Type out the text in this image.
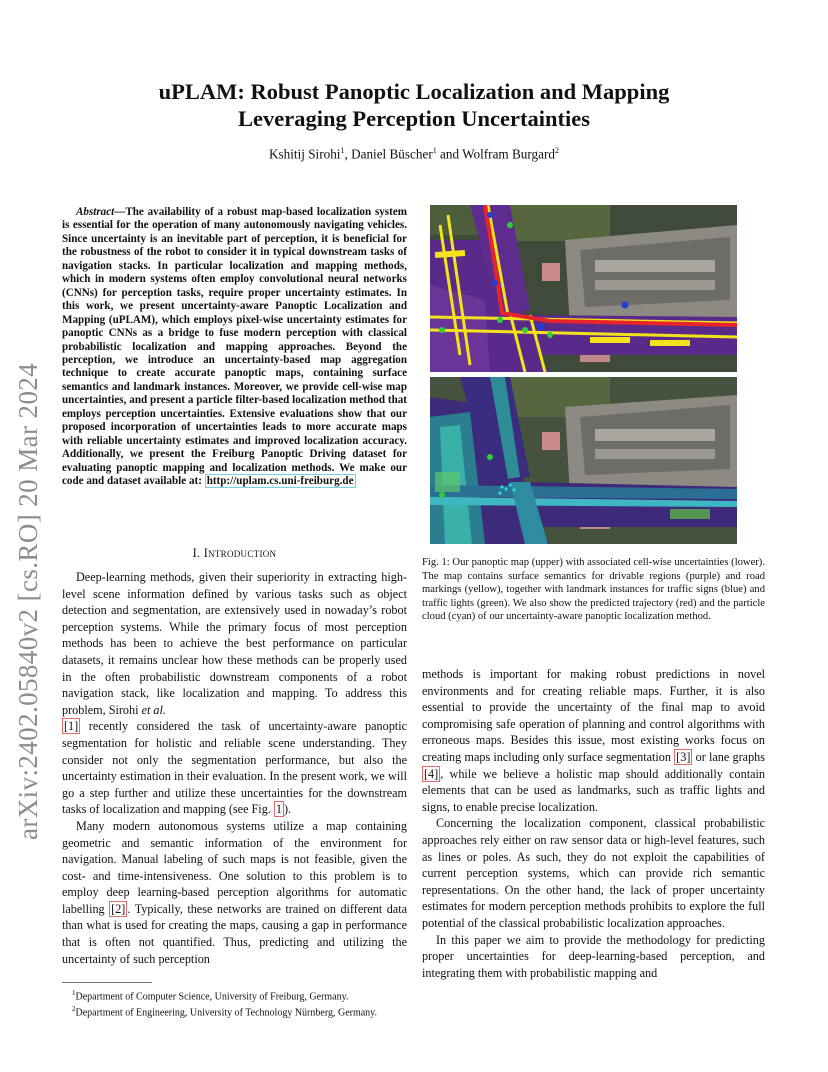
arXiv:2402.05840v2 [cs.RO] 20 Mar 2024
uPLAM: Robust Panoptic Localization and Mapping
Leveraging Perception Uncertainties
Kshitij Sirohi$^1$, Daniel Büscher$^1$ and Wolfram Burgard$^2$

Abstract—The availability of a robust map-based localization system is essential for the operation of many autonomously navigating vehicles. Since uncertainty is an inevitable part of perception, it is beneficial for the robustness of the robot to consider it in typical downstream tasks of navigation stacks. In particular localization and mapping methods, which in modern systems often employ convolutional neural networks (CNNs) for perception tasks, require proper uncertainty estimates. In this work, we present uncertainty-aware Panoptic Localization and Mapping (uPLAM), which employs pixel-wise uncertainty estimates for panoptic CNNs as a bridge to fuse modern perception with classical probabilistic localization and mapping approaches. Beyond the perception, we introduce an uncertainty-based map aggregation technique to create accurate panoptic maps, containing surface semantics and landmark instances. Moreover, we provide cell-wise map uncertainties, and present a particle filter-based localization method that employs perception uncertainties. Extensive evaluations show that our proposed incorporation of uncertainties leads to more accurate maps with reliable uncertainty estimates and improved localization accuracy. Additionally, we present the Freiburg Panoptic Driving dataset for evaluating panoptic mapping and localization methods. We make our code and dataset available at: http://uplam.cs.uni-freiburg.de

I. Introduction

Deep-learning methods, given their superiority in extracting high-level scene information defined by various tasks such as object detection and segmentation, are extensively used in nowaday’s robot perception systems. While the primary focus of most perception methods has been to achieve the best performance on particular datasets, it remains unclear how these methods can be properly used in the often probabilistic downstream components of a robot navigation stack, like localization and mapping. To address this problem, Sirohi et al.
[1] recently considered the task of uncertainty-aware panoptic segmentation for holistic and reliable scene understanding. They consider not only the segmentation performance, but also the uncertainty estimation in their evaluation. In the present work, we will go a step further and utilize these uncertainties for the downstream tasks of localization and mapping (see Fig. 1 ).

Many modern autonomous systems utilize a map containing geometric and semantic information of the environment for navigation. Manual labeling of such maps is not feasible, given the cost- and time-intensiveness. One solution to this problem is to employ deep learning-based perception algorithms for automatic labelling [2] . Typically, these networks are trained on different data than what is used for creating the maps, causing a gap in performance that is often not quantified. Thus, predicting and utilizing the uncertainty of such perception

$^1$Department of Computer Science, University of Freiburg, Germany.
$^2$Department of Engineering, University of Technology Nürnberg, Germany.
Fig. 1: Our panoptic map (upper) with associated cell-wise uncertainties (lower). The map contains surface semantics for drivable regions (purple) and road markings (yellow), together with landmark instances for traffic signs (blue) and traffic lights (green). We also show the predicted trajectory (red) and the particle cloud (cyan) of our uncertainty-aware panoptic localization method.

methods is important for making robust predictions in novel environments and for creating reliable maps. Further, it is also essential to provide the uncertainty of the final map to avoid compromising safe operation of planning and control algorithms with erroneous maps. Besides this issue, most existing works focus on creating maps including only surface segmentation [3] or lane graphs [4] , while we believe a holistic map should additionally contain elements that can be used as landmarks, such as traffic lights and signs, to enable precise localization.

Concerning the localization component, classical probabilistic approaches rely either on raw sensor data or high-level features, such as lines or poles. As such, they do not exploit the capabilities of current perception systems, which can provide rich semantic representations. On the other hand, the lack of proper uncertainty estimates for modern perception methods prohibits to explore the full potential of the classical probabilistic localization approaches.

In this paper we aim to provide the methodology for predicting proper uncertainties for deep-learning-based perception, and integrating them with probabilistic mapping and
